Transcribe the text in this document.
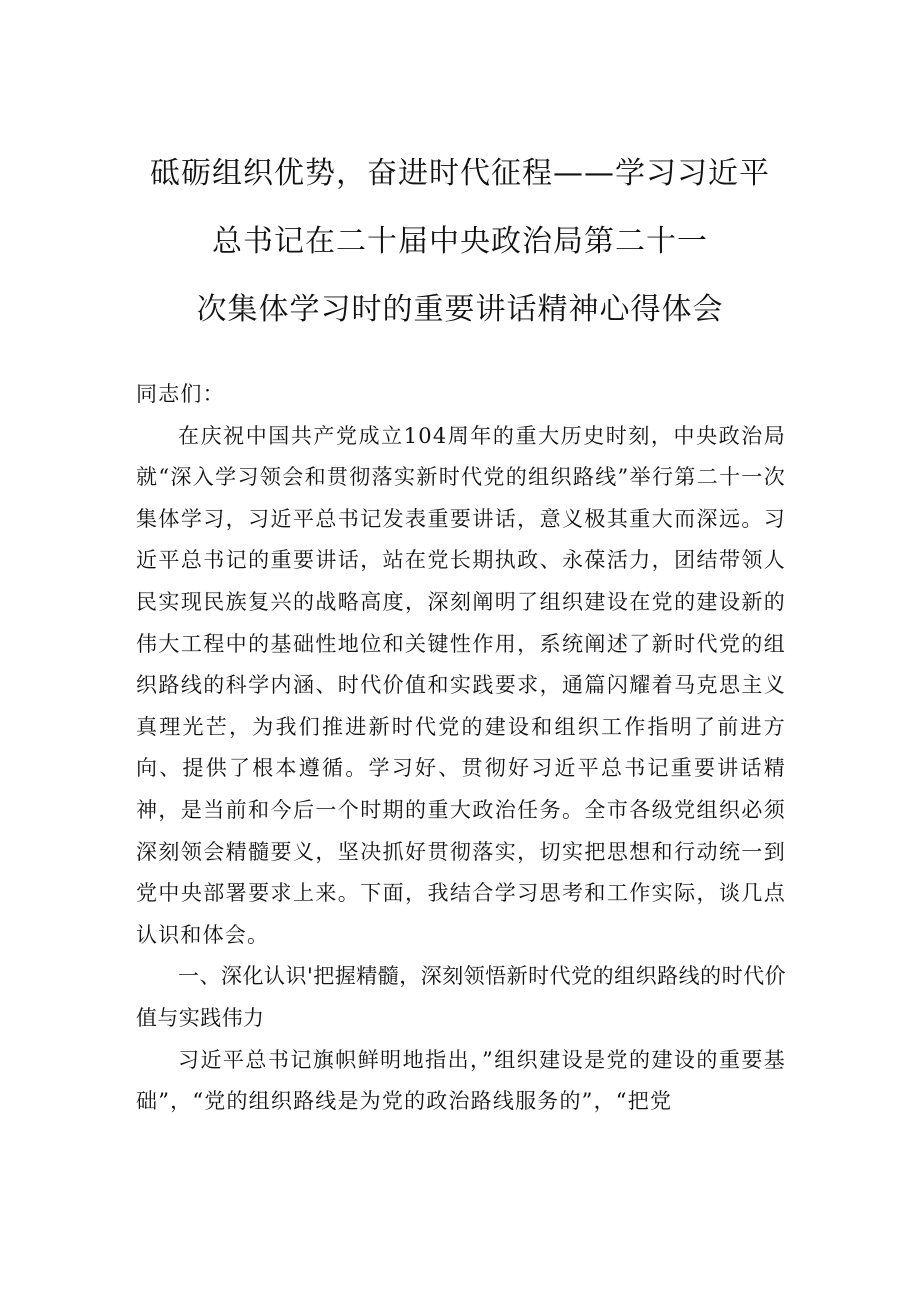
砥砺组织优势，奋进时代征程——学习习近平
总书记在二十届中央政治局第二十一
次集体学习时的重要讲话精神心得体会

同志们：

在庆祝中国共产党成立104周年的重大历史时刻，中央政治局就“深入学习领会和贯彻落实新时代党的组织路线”举行第二十一次集体学习，习近平总书记发表重要讲话，意义极其重大而深远。习近平总书记的重要讲话，站在党长期执政、永葆活力，团结带领人民实现民族复兴的战略高度，深刻阐明了组织建设在党的建设新的伟大工程中的基础性地位和关键性作用，系统阐述了新时代党的组织路线的科学内涵、时代价值和实践要求，通篇闪耀着马克思主义真理光芒，为我们推进新时代党的建设和组织工作指明了前进方向、提供了根本遵循。学习好、贯彻好习近平总书记重要讲话精神，是当前和今后一个时期的重大政治任务。全市各级党组织必须深刻领会精髓要义，坚决抓好贯彻落实，切实把思想和行动统一到党中央部署要求上来。下面，我结合学习思考和工作实际，谈几点认识和体会。

一、深化认识'把握精髓，深刻领悟新时代党的组织路线的时代价值与实践伟力

习近平总书记旗帜鲜明地指出，”组织建设是党的建设的重要基础”，“党的组织路线是为党的政治路线服务的”，“把党
